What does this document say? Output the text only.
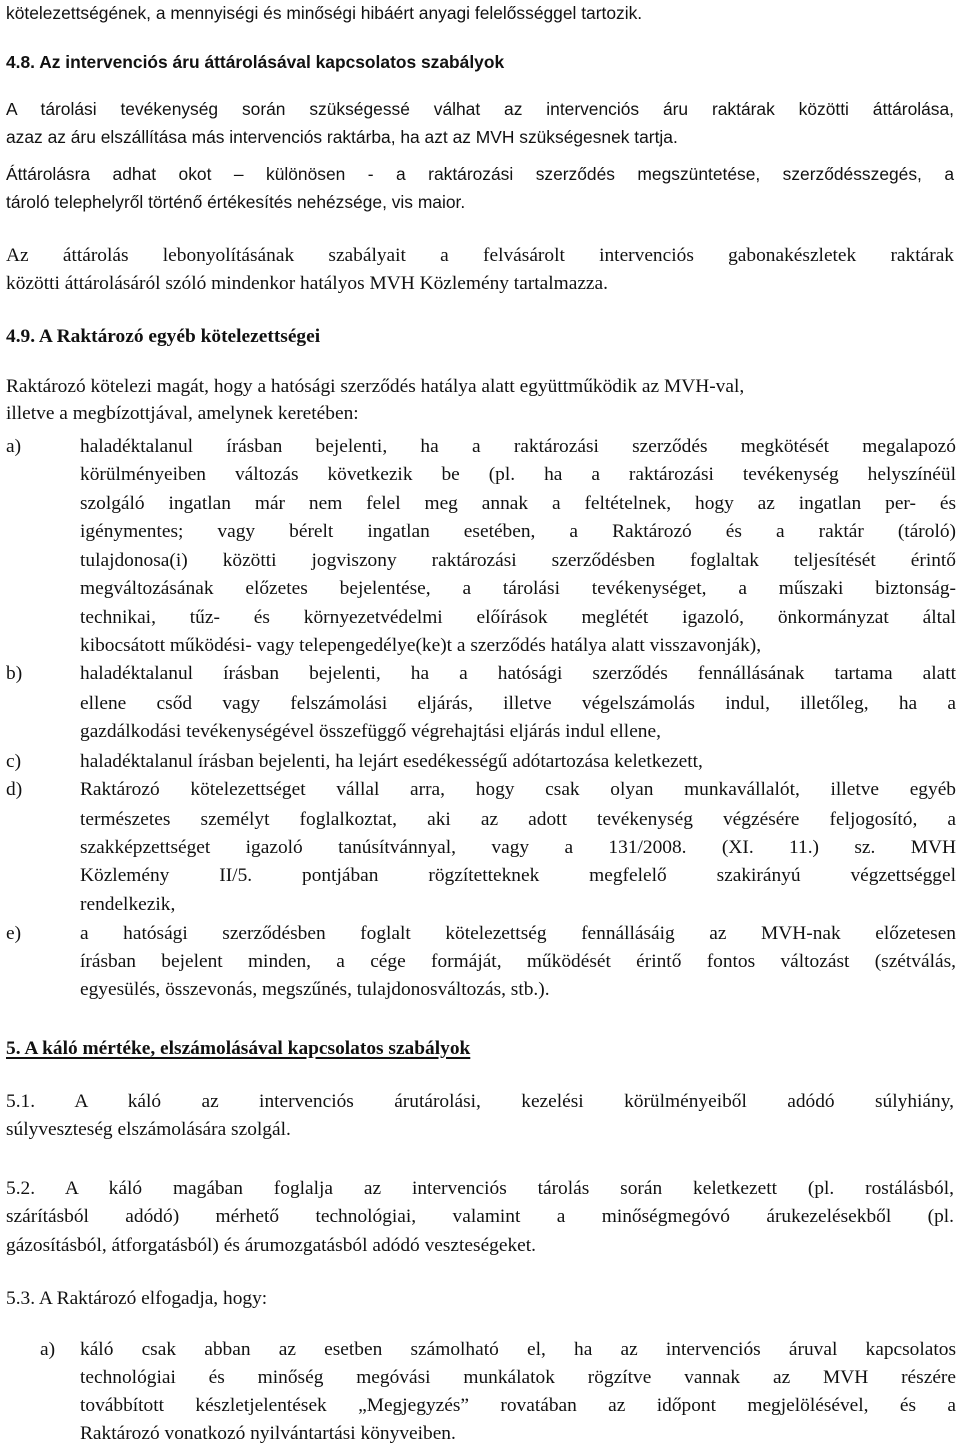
kötelezettségének, a mennyiségi és minőségi hibáért anyagi felelősséggel tartozik.
4.8. Az intervenciós áru áttárolásával kapcsolatos szabályok
A tárolási tevékenység során szükségessé válhat az intervenciós áru raktárak közötti áttárolása,
azaz az áru elszállítása más intervenciós raktárba, ha azt az MVH szükségesnek tartja.
Áttárolásra adhat okot – különösen - a raktározási szerződés megszüntetése, szerződésszegés, a
tároló telephelyről történő értékesítés nehézsége, vis maior.
Az áttárolás lebonyolításának szabályait a felvásárolt intervenciós gabonakészletek raktárak
közötti áttárolásáról szóló mindenkor hatályos MVH Közlemény tartalmazza.
4.9. A Raktározó egyéb kötelezettségei
Raktározó kötelezi magát, hogy a hatósági szerződés hatálya alatt együttműködik az MVH-val,
illetve a megbízottjával, amelynek keretében:
a)	haladéktalanul írásban bejelenti, ha a raktározási szerződés megkötését megalapozó
körülményeiben változás következik be (pl. ha a raktározási tevékenység helyszínéül
szolgáló ingatlan már nem felel meg annak a feltételnek, hogy az ingatlan per- és
igénymentes; vagy bérelt ingatlan esetében, a Raktározó és a raktár (tároló)
tulajdonosa(i) közötti jogviszony raktározási szerződésben foglaltak teljesítését érintő
megváltozásának előzetes bejelentése, a tárolási tevékenységet, a műszaki biztonság-
technikai, tűz- és környezetvédelmi előírások meglétét igazoló, önkormányzat által
kibocsátott működési- vagy telepengedélye(ke)t a szerződés hatálya alatt visszavonják),
b)	haladéktalanul írásban bejelenti, ha a hatósági szerződés fennállásának tartama alatt
ellene csőd vagy felszámolási eljárás, illetve végelszámolás indul, illetőleg, ha a
gazdálkodási tevékenységével összefüggő végrehajtási eljárás indul ellene,
c)	haladéktalanul írásban bejelenti, ha lejárt esedékességű adótartozása keletkezett,
d)	Raktározó kötelezettséget vállal arra, hogy csak olyan munkavállalót, illetve egyéb
természetes személyt foglalkoztat, aki az adott tevékenység végzésére feljogosító, a
szakképzettséget igazoló tanúsítvánnyal, vagy a 131/2008. (XI. 11.) sz. MVH
Közlemény II/5. pontjában rögzítetteknek megfelelő szakirányú végzettséggel
rendelkezik,
e)	a hatósági szerződésben foglalt kötelezettség fennállásáig az MVH-nak előzetesen
írásban bejelent minden, a cége formáját, működését érintő fontos változást (szétválás,
egyesülés, összevonás, megszűnés, tulajdonosváltozás, stb.).
5. A káló mértéke, elszámolásával kapcsolatos szabályok
5.1. A káló az intervenciós árutárolási, kezelési körülményeiből adódó súlyhiány,
súlyveszteség elszámolására szolgál.
5.2. A káló magában foglalja az intervenciós tárolás során keletkezett (pl. rostálásból,
szárításból adódó) mérhető technológiai, valamint a minőségmegóvó árukezelésekből (pl.
gázosításból, átforgatásból) és árumozgatásból adódó veszteségeket.
5.3. A Raktározó elfogadja, hogy:
a) káló csak abban az esetben számolható el, ha az intervenciós áruval kapcsolatos
technológiai és minőség megóvási munkálatok rögzítve vannak az MVH részére
továbbított készletjelentések „Megjegyzés” rovatában az időpont megjelölésével, és a
Raktározó vonatkozó nyilvántartási könyveiben.
